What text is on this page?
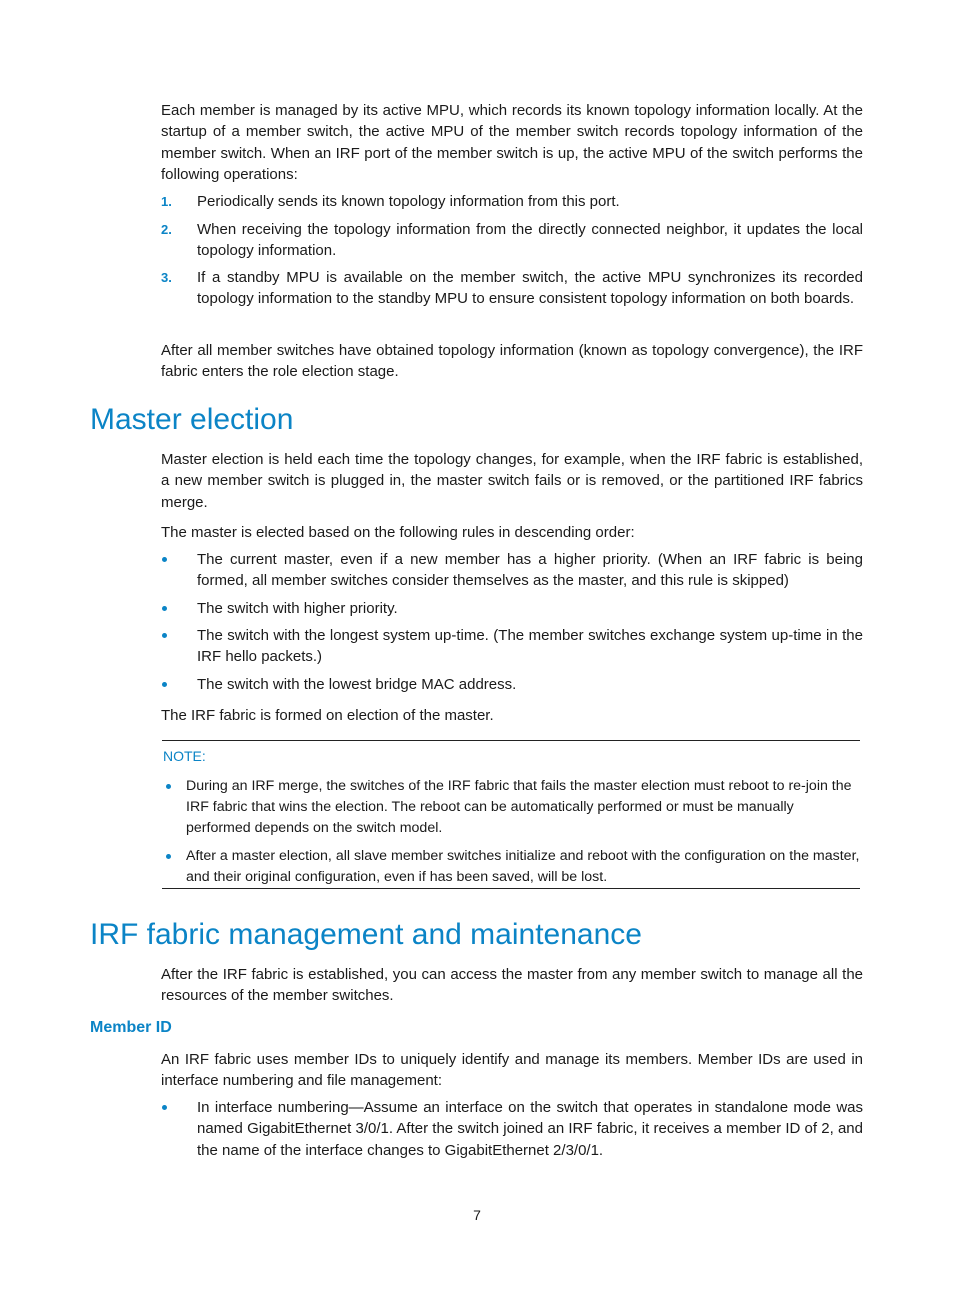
Each member is managed by its active MPU, which records its known topology information locally. At the startup of a member switch, the active MPU of the member switch records topology information of the member switch. When an IRF port of the member switch is up, the active MPU of the switch performs the following operations:

1. Periodically sends its known topology information from this port.
2. When receiving the topology information from the directly connected neighbor, it updates the local topology information.
3. If a standby MPU is available on the member switch, the active MPU synchronizes its recorded topology information to the standby MPU to ensure consistent topology information on both boards.

After all member switches have obtained topology information (known as topology convergence), the IRF fabric enters the role election stage.

Master election

Master election is held each time the topology changes, for example, when the IRF fabric is established, a new member switch is plugged in, the master switch fails or is removed, or the partitioned IRF fabrics merge.

The master is elected based on the following rules in descending order:

The current master, even if a new member has a higher priority. (When an IRF fabric is being formed, all member switches consider themselves as the master, and this rule is skipped)
The switch with higher priority.
The switch with the longest system up-time. (The member switches exchange system up-time in the IRF hello packets.)
The switch with the lowest bridge MAC address.

The IRF fabric is formed on election of the master.

NOTE:
During an IRF merge, the switches of the IRF fabric that fails the master election must reboot to re-join the IRF fabric that wins the election. The reboot can be automatically performed or must be manually performed depends on the switch model.
After a master election, all slave member switches initialize and reboot with the configuration on the master, and their original configuration, even if has been saved, will be lost.
IRF fabric management and maintenance

After the IRF fabric is established, you can access the master from any member switch to manage all the resources of the member switches.

Member ID

An IRF fabric uses member IDs to uniquely identify and manage its members. Member IDs are used in interface numbering and file management:

In interface numbering—Assume an interface on the switch that operates in standalone mode was named GigabitEthernet 3/0/1. After the switch joined an IRF fabric, it receives a member ID of 2, and the name of the interface changes to GigabitEthernet 2/3/0/1.
7
